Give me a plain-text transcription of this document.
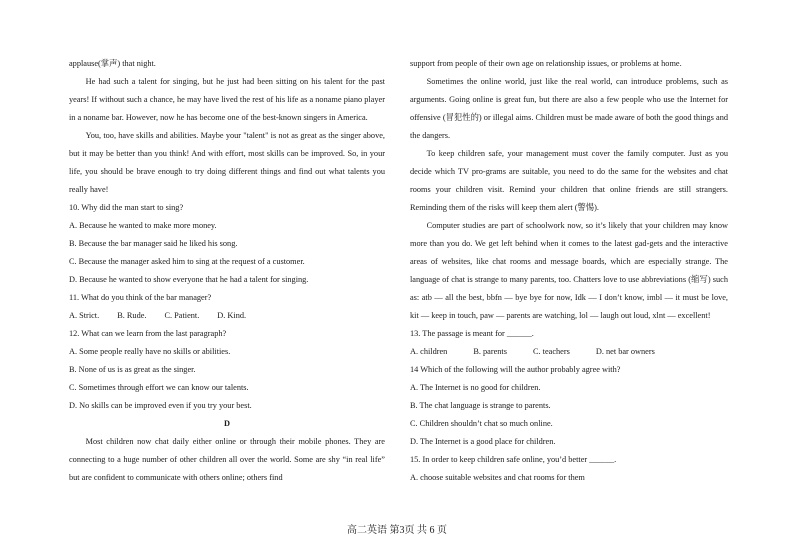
applause(掌声) that night.

He had such a talent for singing, but he just had been sitting on his talent for the past years! If without such a chance, he may have lived the rest of his life as a noname piano player in a noname bar. However, now he has become one of the best-known singers in America.

You, too, have skills and abilities. Maybe your "talent" is not as great as the singer above, but it may be better than you think! And with effort, most skills can be improved. So, in your life, you should be brave enough to try doing different things and find out what talents you really have!

10. Why did the man start to sing?

A. Because he wanted to make more money.

B. Because the bar manager said he liked his song.

C. Because the manager asked him to sing at the request of a customer.

D. Because he wanted to show everyone that he had a talent for singing.

11. What do you think of the bar manager?

A. Strict. B. Rude. C. Patient. D. Kind.

12. What can we learn from the last paragraph?

A. Some people really have no skills or abilities.

B. None of us is as great as the singer.

C. Sometimes through effort we can know our talents.

D. No skills can be improved even if you try your best.

D

Most children now chat daily either online or through their mobile phones. They are connecting to a huge number of other children all over the world. Some are shy “in real life” but are confident to communicate with others online; others find

support from people of their own age on relationship issues, or problems at home.

Sometimes the online world, just like the real world, can introduce problems, such as arguments. Going online is great fun, but there are also a few people who use the Internet for offensive (冒犯性的) or illegal aims. Children must be made aware of both the good things and the dangers.

To keep children safe, your management must cover the family computer. Just as you decide which TV pro-grams are suitable, you need to do the same for the websites and chat rooms your children visit. Remind your children that online friends are still strangers. Reminding them of the risks will keep them alert (警惕).

Computer studies are part of schoolwork now, so it’s likely that your children may know more than you do. We get left behind when it comes to the latest gad-gets and the interactive areas of websites, like chat rooms and message boards, which are especially strange. The language of chat is strange to many parents, too. Chatters love to use abbreviations (缩写) such as: atb — all the best, bbfn — bye bye for now, Idk — I don’t know, imbl — it must be love, kit — keep in touch, paw — parents are watching, lol — laugh out loud, xlnt — excellent!

13. The passage is meant for ______.

A. children	B. parents	C. teachers	D. net bar owners

14 Which of the following will the author probably agree with?

A. The Internet is no good for children.

B. The chat language is strange to parents.

C. Children shouldn’t chat so much online.

D. The Internet is a good place for children.

15. In order to keep children safe online, you’d better ______.

A. choose suitable websites and chat rooms for them

高二英语 第3页 共 6 页
